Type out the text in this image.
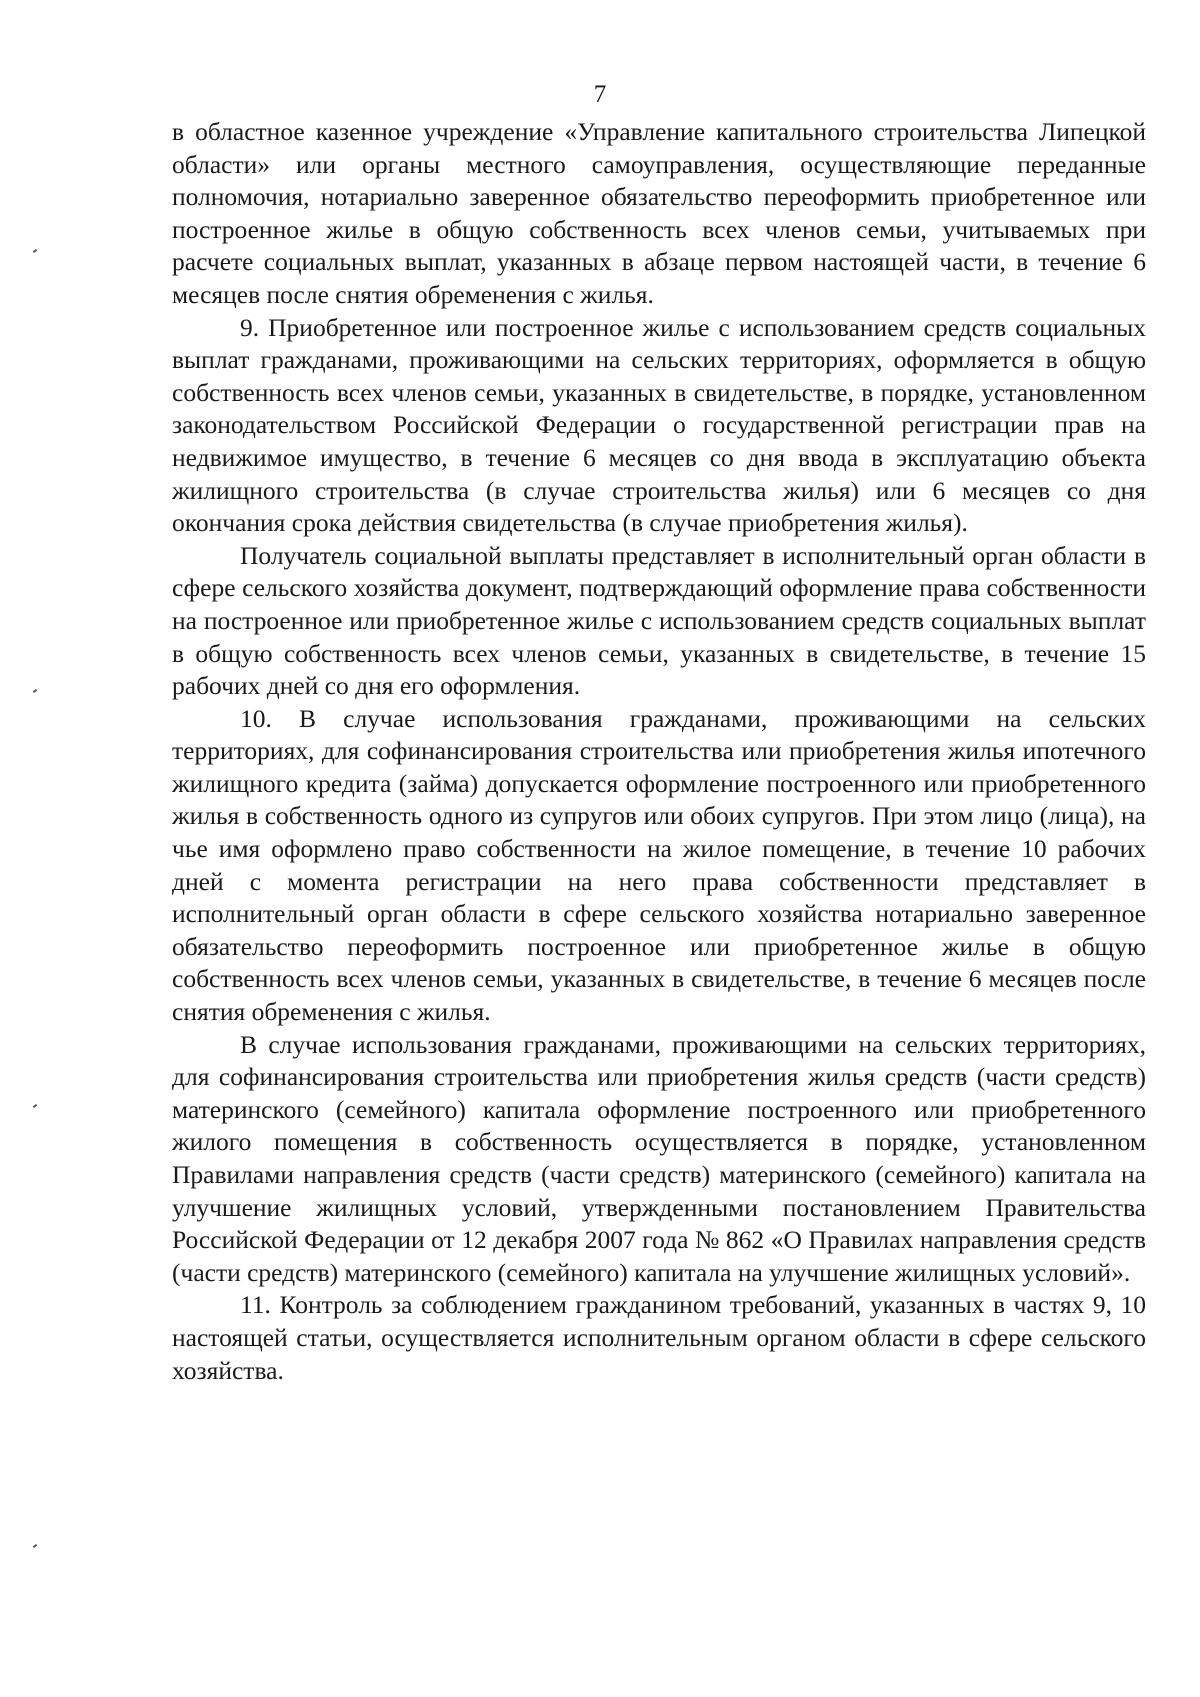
7

в областное казенное учреждение «Управление капитального строительства Липецкой области» или органы местного самоуправления, осуществляющие переданные полномочия, нотариально заверенное обязательство переоформить приобретенное или построенное жилье в общую собственность всех членов семьи, учитываемых при расчете социальных выплат, указанных в абзаце первом настоящей части, в течение 6 месяцев после снятия обременения с жилья.

9. Приобретенное или построенное жилье с использованием средств социальных выплат гражданами, проживающими на сельских территориях, оформляется в общую собственность всех членов семьи, указанных в свидетельстве, в порядке, установленном законодательством Российской Федерации о государственной регистрации прав на недвижимое имущество, в течение 6 месяцев со дня ввода в эксплуатацию объекта жилищного строительства (в случае строительства жилья) или 6 месяцев со дня окончания срока действия свидетельства (в случае приобретения жилья).

Получатель социальной выплаты представляет в исполнительный орган области в сфере сельского хозяйства документ, подтверждающий оформление права собственности на построенное или приобретенное жилье с использованием средств социальных выплат в общую собственность всех членов семьи, указанных в свидетельстве, в течение 15 рабочих дней со дня его оформления.

10. В случае использования гражданами, проживающими на сельских территориях, для софинансирования строительства или приобретения жилья ипотечного жилищного кредита (займа) допускается оформление построенного или приобретенного жилья в собственность одного из супругов или обоих супругов. При этом лицо (лица), на чье имя оформлено право собственности на жилое помещение, в течение 10 рабочих дней с момента регистрации на него права собственности представляет в исполнительный орган области в сфере сельского хозяйства нотариально заверенное обязательство переоформить построенное или приобретенное жилье в общую собственность всех членов семьи, указанных в свидетельстве, в течение 6 месяцев после снятия обременения с жилья.

В случае использования гражданами, проживающими на сельских территориях, для софинансирования строительства или приобретения жилья средств (части средств) материнского (семейного) капитала оформление построенного или приобретенного жилого помещения в собственность осуществляется в порядке, установленном Правилами направления средств (части средств) материнского (семейного) капитала на улучшение жилищных условий, утвержденными постановлением Правительства Российской Федерации от 12 декабря 2007 года № 862 «О Правилах направления средств (части средств) материнского (семейного) капитала на улучшение жилищных условий».

11. Контроль за соблюдением гражданином требований, указанных в частях 9, 10 настоящей статьи, осуществляется исполнительным органом области в сфере сельского хозяйства.
